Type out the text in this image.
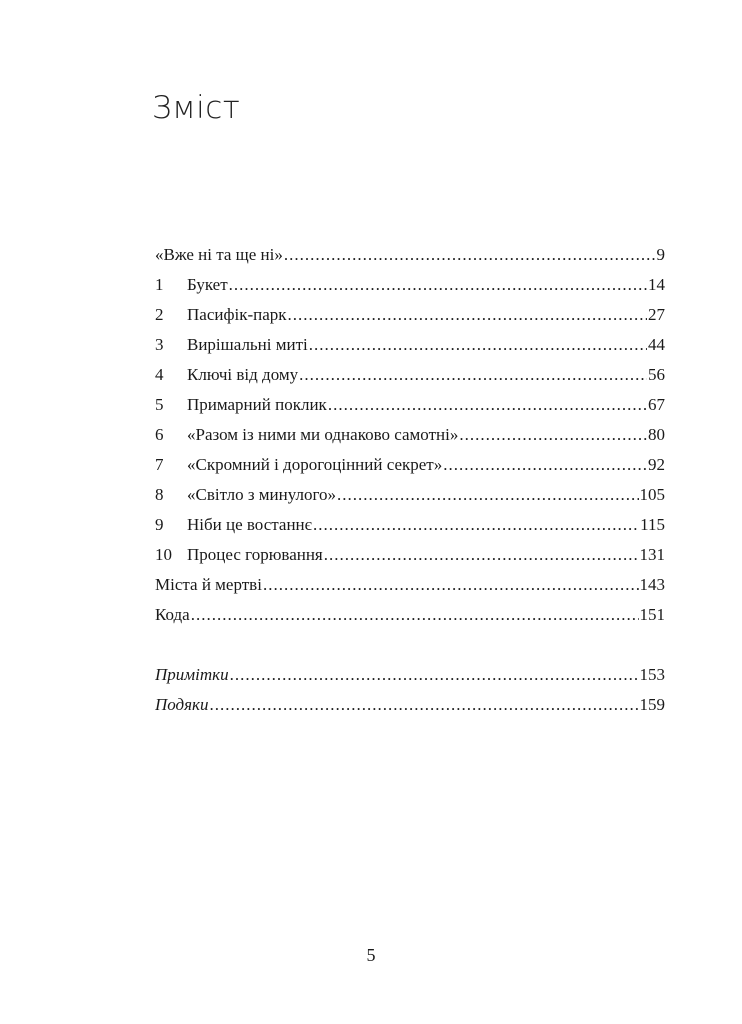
Зміст
«Вже ні та ще ні» .....	9
1	Букет .....	14
2	Пасифік-парк .....	27
3	Вирішальні миті .....	44
4	Ключі від дому .....	56
5	Примарний поклик .....	67
6	«Разом із ними ми однаково самотні» .....	80
7	«Скромний і дорогоцінний секрет» .....	92
8	«Світло з минулого» .....	105
9	Ніби це востаннє .....	115
10 Процес горювання .....	131
Міста й мертві .....	143
Кода .....	151
Примітки .....	153
Подяки .....	159
5
